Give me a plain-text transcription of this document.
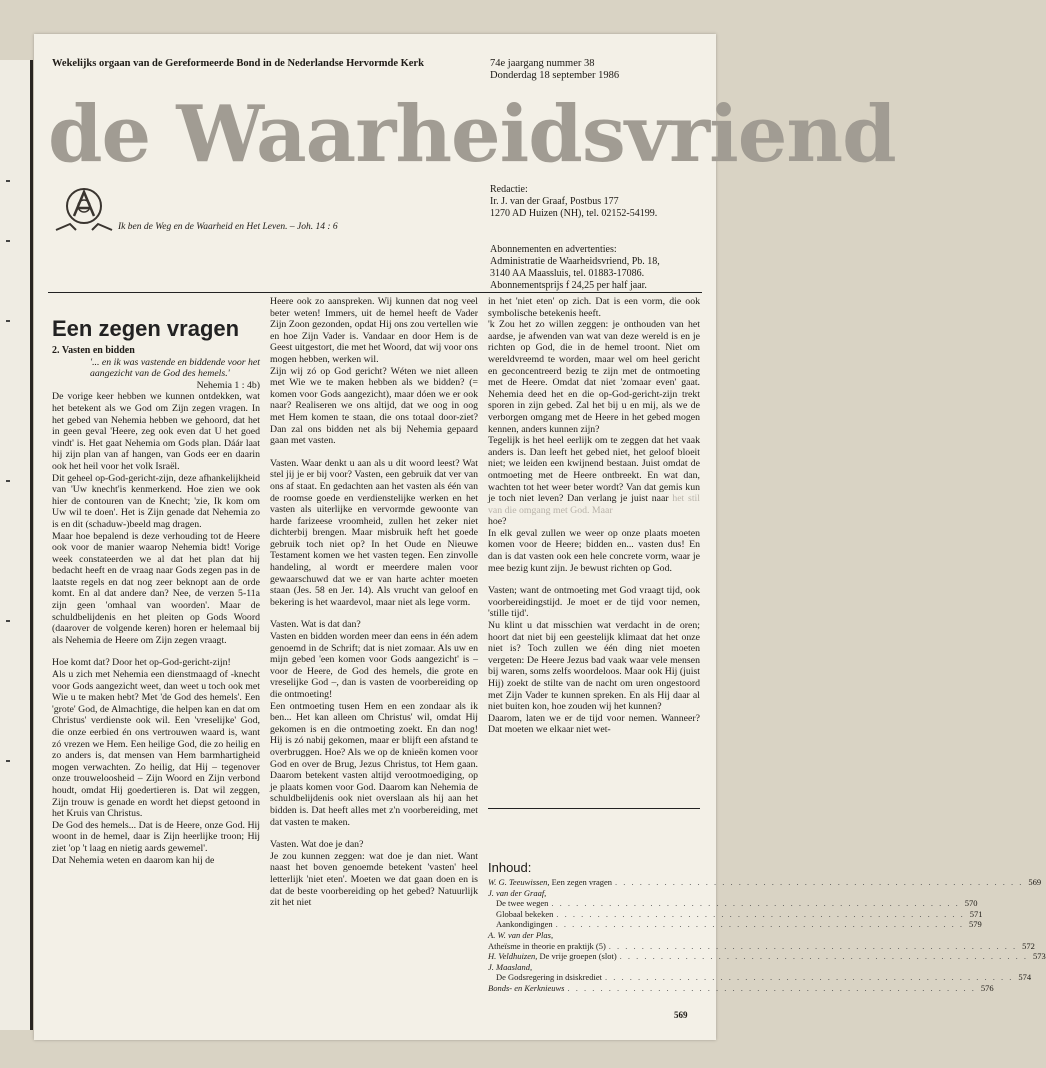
Wekelijks orgaan van de Gereformeerde Bond in de Nederlandse Hervormde Kerk	74e jaargang nummer 38
Donderdag 18 september 1986
de Waarheidsvriend
Ik ben de Weg en de Waarheid en Het Leven. – Joh. 14 : 6
Redactie:
Ir. J. van der Graaf, Postbus 177
1270 AD Huizen (NH), tel. 02152-54199.
Abonnementen en advertenties:
Administratie de Waarheidsvriend, Pb. 18,
3140 AA Maassluis, tel. 01883-17086.
Abonnementsprijs f 24,25 per half jaar.
Een zegen vragen
2. Vasten en bidden
'... en ik was vastende en biddende voor het aangezicht van de God des hemels.'
Nehemia 1 : 4b)

De vorige keer hebben we kunnen ontdekken, wat het betekent als we God om Zijn zegen vragen. In het gebed van Nehemia hebben we gehoord, dat het in geen geval 'Heere, zeg ook even dat U het goed vindt' is. Het gaat Nehemia om Gods plan. Dáár laat hij zijn plan van af hangen, van Gods eer en daarin ook het heil voor het volk Israël.

Dit geheel op-God-gericht-zijn, deze afhankelijkheid van 'Uw knecht'is kenmerkend. Hoe zien we ook hier de contouren van de Knecht; 'zie, Ik kom om Uw wil te doen'. Het is Zijn genade dat Nehemia zo is en dit (schaduw-)beeld mag dragen.

Maar hoe bepalend is deze verhouding tot de Heere ook voor de manier waarop Nehemia bidt! Vorige week constateerden we al dat het plan dat hij bedacht heeft en de vraag naar Gods zegen pas in de laatste regels en dat nog zeer beknopt aan de orde komt. En al dat andere dan? Nee, de verzen 5-11a zijn geen 'omhaal van woorden'. Maar de schuldbelijdenis en het pleiten op Gods Woord (daarover de volgende keren) horen er helemaal bij als Nehemia de Heere om Zijn zegen vraagt.

Hoe komt dat? Door het op-God-gericht-zijn!

Als u zich met Nehemia een dienstmaagd of -knecht voor Gods aangezicht weet, dan weet u toch ook met Wie u te maken hebt? Met 'de God des hemels'. Een 'grote' God, de Almachtige, die helpen kan en dat om Christus' verdienste ook wil. Een 'vreselijke' God, die onze eerbied én ons vertrouwen waard is, want zó vrezen we Hem. Een heilige God, die zo heilig en zo anders is, dat mensen van Hem barmhartigheid mogen verwachten. Zo heilig, dat Hij – tegenover onze trouweloosheid – Zijn Woord en Zijn verbond houdt, omdat Hij goedertieren is. Dat wil zeggen, Zijn trouw is genade en wordt het diepst getoond in het Kruis van Christus.

De God des hemels... Dat is de Heere, onze God. Hij woont in de hemel, daar is Zijn heerlijke troon; Hij ziet 'op 't laag en nietig aards gewemel'.

Dat Nehemia weten en daarom kan hij de

Heere ook zo aanspreken. Wij kunnen dat nog veel beter weten! Immers, uit de hemel heeft de Vader Zijn Zoon gezonden, opdat Hij ons zou vertellen wie en hoe Zijn Vader is. Vandaar en door Hem is de Geest uitgestort, die met het Woord, dat wij voor ons mogen hebben, werken wil.

Zijn wij zó op God gericht? Wéten we niet alleen met Wie we te maken hebben als we bidden? (= komen voor Gods aangezicht), maar dóen we er ook naar? Realiseren we ons altijd, dat we oog in oog met Hem komen te staan, die ons totaal door-ziet? Dan zal ons bidden net als bij Nehemia gepaard gaan met vasten.

Vasten. Waar denkt u aan als u dit woord leest? Wat stel jij je er bij voor? Vasten, een gebruik dat ver van ons af staat. En gedachten aan het vasten als één van de roomse goede en verdienstelijke werken en het vasten als uiterlijke en vervormde gewoonte van harde farizeese vroomheid, zullen het zeker niet dichterbij brengen. Maar misbruik heft het goede gebruik toch niet op? In het Oude en Nieuwe Testament komen we het vasten tegen. Een zinvolle handeling, al wordt er meerdere malen voor gewaarschuwd dat we er van harte achter moeten staan (Jes. 58 en Jer. 14). Als vrucht van geloof en bekering is het waardevol, maar niet als lege vorm.

Vasten. Wat is dat dan?

Vasten en bidden worden meer dan eens in één adem genoemd in de Schrift; dat is niet zomaar. Als uw en mijn gebed 'een komen voor Gods aangezicht' is – voor de Heere, de God des hemels, die grote en vreselijke God –, dan is vasten de voorbereiding op die ontmoeting!

Een ontmoeting tusen Hem en een zondaar als ik ben... Het kan alleen om Christus' wil, omdat Hij gekomen is en die ontmoeting zoekt. En dan nog! Hij is zó nabij gekomen, maar er blijft een afstand te overbruggen. Hoe? Als we op de knieën komen voor God en over de Brug, Jezus Christus, tot Hem gaan. Daarom betekent vasten altijd verootmoediging, op je plaats komen voor God. Daarom kan Nehemia de schuldbelijdenis ook niet overslaan als hij aan het bidden is. Dat heeft alles met z'n voorbereiding, met dat vasten te maken.

Vasten. Wat doe je dan?

Je zou kunnen zeggen: wat doe je dan niet. Want naast het boven genoemde betekent 'vasten' heel letterlijk 'niet eten'. Moeten we dat gaan doen en is dat de beste voorbereiding op het gebed? Natuurlijk zit het niet

in het 'niet eten' op zich. Dat is een vorm, die ook symbolische betekenis heeft.

'k Zou het zo willen zeggen: je onthouden van het aardse, je afwenden van wat van deze wereld is en je richten op God, die in de hemel troont. Niet om wereldvreemd te worden, maar wel om heel gericht en geconcentreerd bezig te zijn met de ontmoeting met de Heere. Omdat dat niet 'zomaar even' gaat. Nehemia deed het en die op-God-gericht-zijn trekt sporen in zijn gebed. Zal het bij u en mij, als we de verborgen omgang met de Heere in het gebed mogen kennen, anders kunnen zijn?

Tegelijk is het heel eerlijk om te zeggen dat het vaak anders is. Dan leeft het gebed niet, het geloof bloeit niet; we leiden een kwijnend bestaan. Juist omdat de ontmoeting met de Heere ontbreekt. En wat dan, wachten tot het weer beter wordt? Van dat gemis kun je toch niet leven? Dan verlang je juist naar het stil van die omgang met God. Maar

hoe?

In elk geval zullen we weer op onze plaats moeten komen voor de Heere; bidden en... vasten dus! En dan is dat vasten ook een hele concrete vorm, waar je mee bezig kunt zijn. Je bewust richten op God.

Vasten; want de ontmoeting met God vraagt tijd, ook voorbereidingstijd. Je moet er de tijd voor nemen, 'stille tijd'.

Nu klint u dat misschien wat verdacht in de oren; hoort dat niet bij een geestelijk klimaat dat het onze niet is? Toch zullen we één ding niet moeten vergeten: De Heere Jezus bad vaak waar vele mensen bij waren, soms zelfs woordeloos. Maar ook Hij (juist Hij) zoekt de stilte van de nacht om uren ongestoord met Zijn Vader te kunnen spreken. En als Hij daar al niet buiten kon, hoe zouden wij het kunnen?

Daarom, laten we er de tijd voor nemen. Wanneer? Dat moeten we elkaar niet wet-

Inhoud:
W. G. Teeuwissen,
Een zegen vragen . . .	569
J. van der Graaf,
De twee wegen . . .	570
Globaal bekeken . . .	571
Aankondigingen . . .	579
A. W. van der Plas,
Atheïsme in theorie en praktijk (5) . . .	572
H. Veldhuizen,
De vrije groepen (slot) . . .	573
J. Maasland,
De Godsregering in dsiskrediet . . .	574
Bonds- en Kerknieuws . . .	576
569
